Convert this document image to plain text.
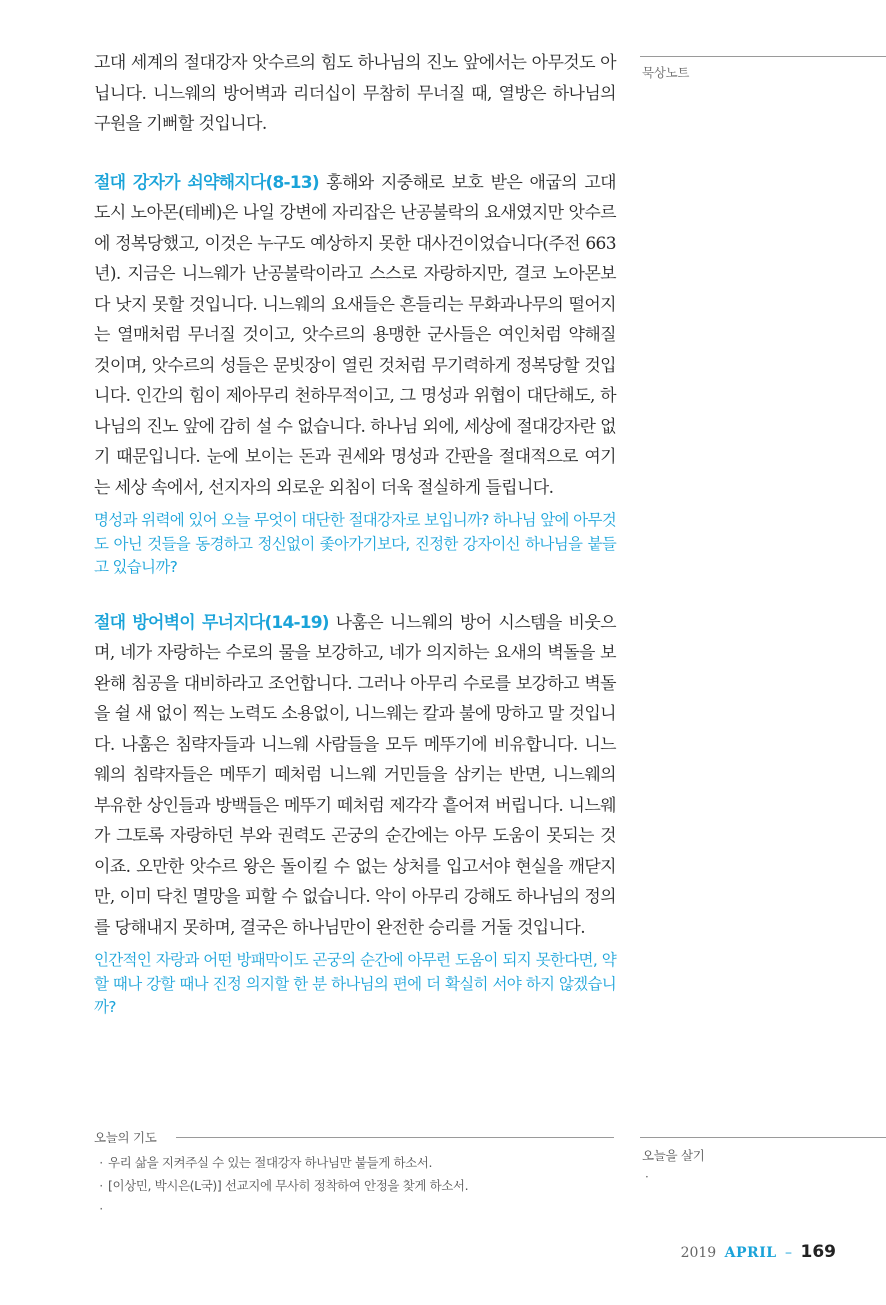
묵상노트

고대 세계의 절대강자 앗수르의 힘도 하나님의 진노 앞에서는 아무것도 아닙니다. 니느웨의 방어벽과 리더십이 무참히 무너질 때, 열방은 하나님의 구원을 기뻐할 것입니다.

절대 강자가 쇠약해지다(8-13) 홍해와 지중해로 보호 받은 애굽의 고대 도시 노아몬(테베)은 나일 강변에 자리잡은 난공불락의 요새였지만 앗수르에 정복당했고, 이것은 누구도 예상하지 못한 대사건이었습니다(주전 663년). 지금은 니느웨가 난공불락이라고 스스로 자랑하지만, 결코 노아몬보다 낫지 못할 것입니다. 니느웨의 요새들은 흔들리는 무화과나무의 떨어지는 열매처럼 무너질 것이고, 앗수르의 용맹한 군사들은 여인처럼 약해질 것이며, 앗수르의 성들은 문빗장이 열린 것처럼 무기력하게 정복당할 것입니다. 인간의 힘이 제아무리 천하무적이고, 그 명성과 위협이 대단해도, 하나님의 진노 앞에 감히 설 수 없습니다. 하나님 외에, 세상에 절대강자란 없기 때문입니다. 눈에 보이는 돈과 권세와 명성과 간판을 절대적으로 여기는 세상 속에서, 선지자의 외로운 외침이 더욱 절실하게 들립니다.

명성과 위력에 있어 오늘 무엇이 대단한 절대강자로 보입니까? 하나님 앞에 아무것도 아닌 것들을 동경하고 정신없이 좇아가기보다, 진정한 강자이신 하나님을 붙들고 있습니까?

절대 방어벽이 무너지다(14-19) 나훔은 니느웨의 방어 시스템을 비웃으며, 네가 자랑하는 수로의 물을 보강하고, 네가 의지하는 요새의 벽돌을 보완해 침공을 대비하라고 조언합니다. 그러나 아무리 수로를 보강하고 벽돌을 쉴 새 없이 찍는 노력도 소용없이, 니느웨는 칼과 불에 망하고 말 것입니다. 나훔은 침략자들과 니느웨 사람들을 모두 메뚜기에 비유합니다. 니느웨의 침략자들은 메뚜기 떼처럼 니느웨 거민들을 삼키는 반면, 니느웨의 부유한 상인들과 방백들은 메뚜기 떼처럼 제각각 흩어져 버립니다. 니느웨가 그토록 자랑하던 부와 권력도 곤궁의 순간에는 아무 도움이 못되는 것이죠. 오만한 앗수르 왕은 돌이킬 수 없는 상처를 입고서야 현실을 깨닫지만, 이미 닥친 멸망을 피할 수 없습니다. 악이 아무리 강해도 하나님의 정의를 당해내지 못하며, 결국은 하나님만이 완전한 승리를 거둘 것입니다.

인간적인 자랑과 어떤 방패막이도 곤궁의 순간에 아무런 도움이 되지 못한다면, 약할 때나 강할 때나 진정 의지할 한 분 하나님의 편에 더 확실히 서야 하지 않겠습니까?

오늘의 기도
· 우리 삶을 지켜주실 수 있는 절대강자 하나님만 붙들게 하소서.
· [이상민, 박시은(L국)] 선교지에 무사히 정착하여 안정을 찾게 하소서.
·
오늘을 살기
·
2019 APRIL – 169
